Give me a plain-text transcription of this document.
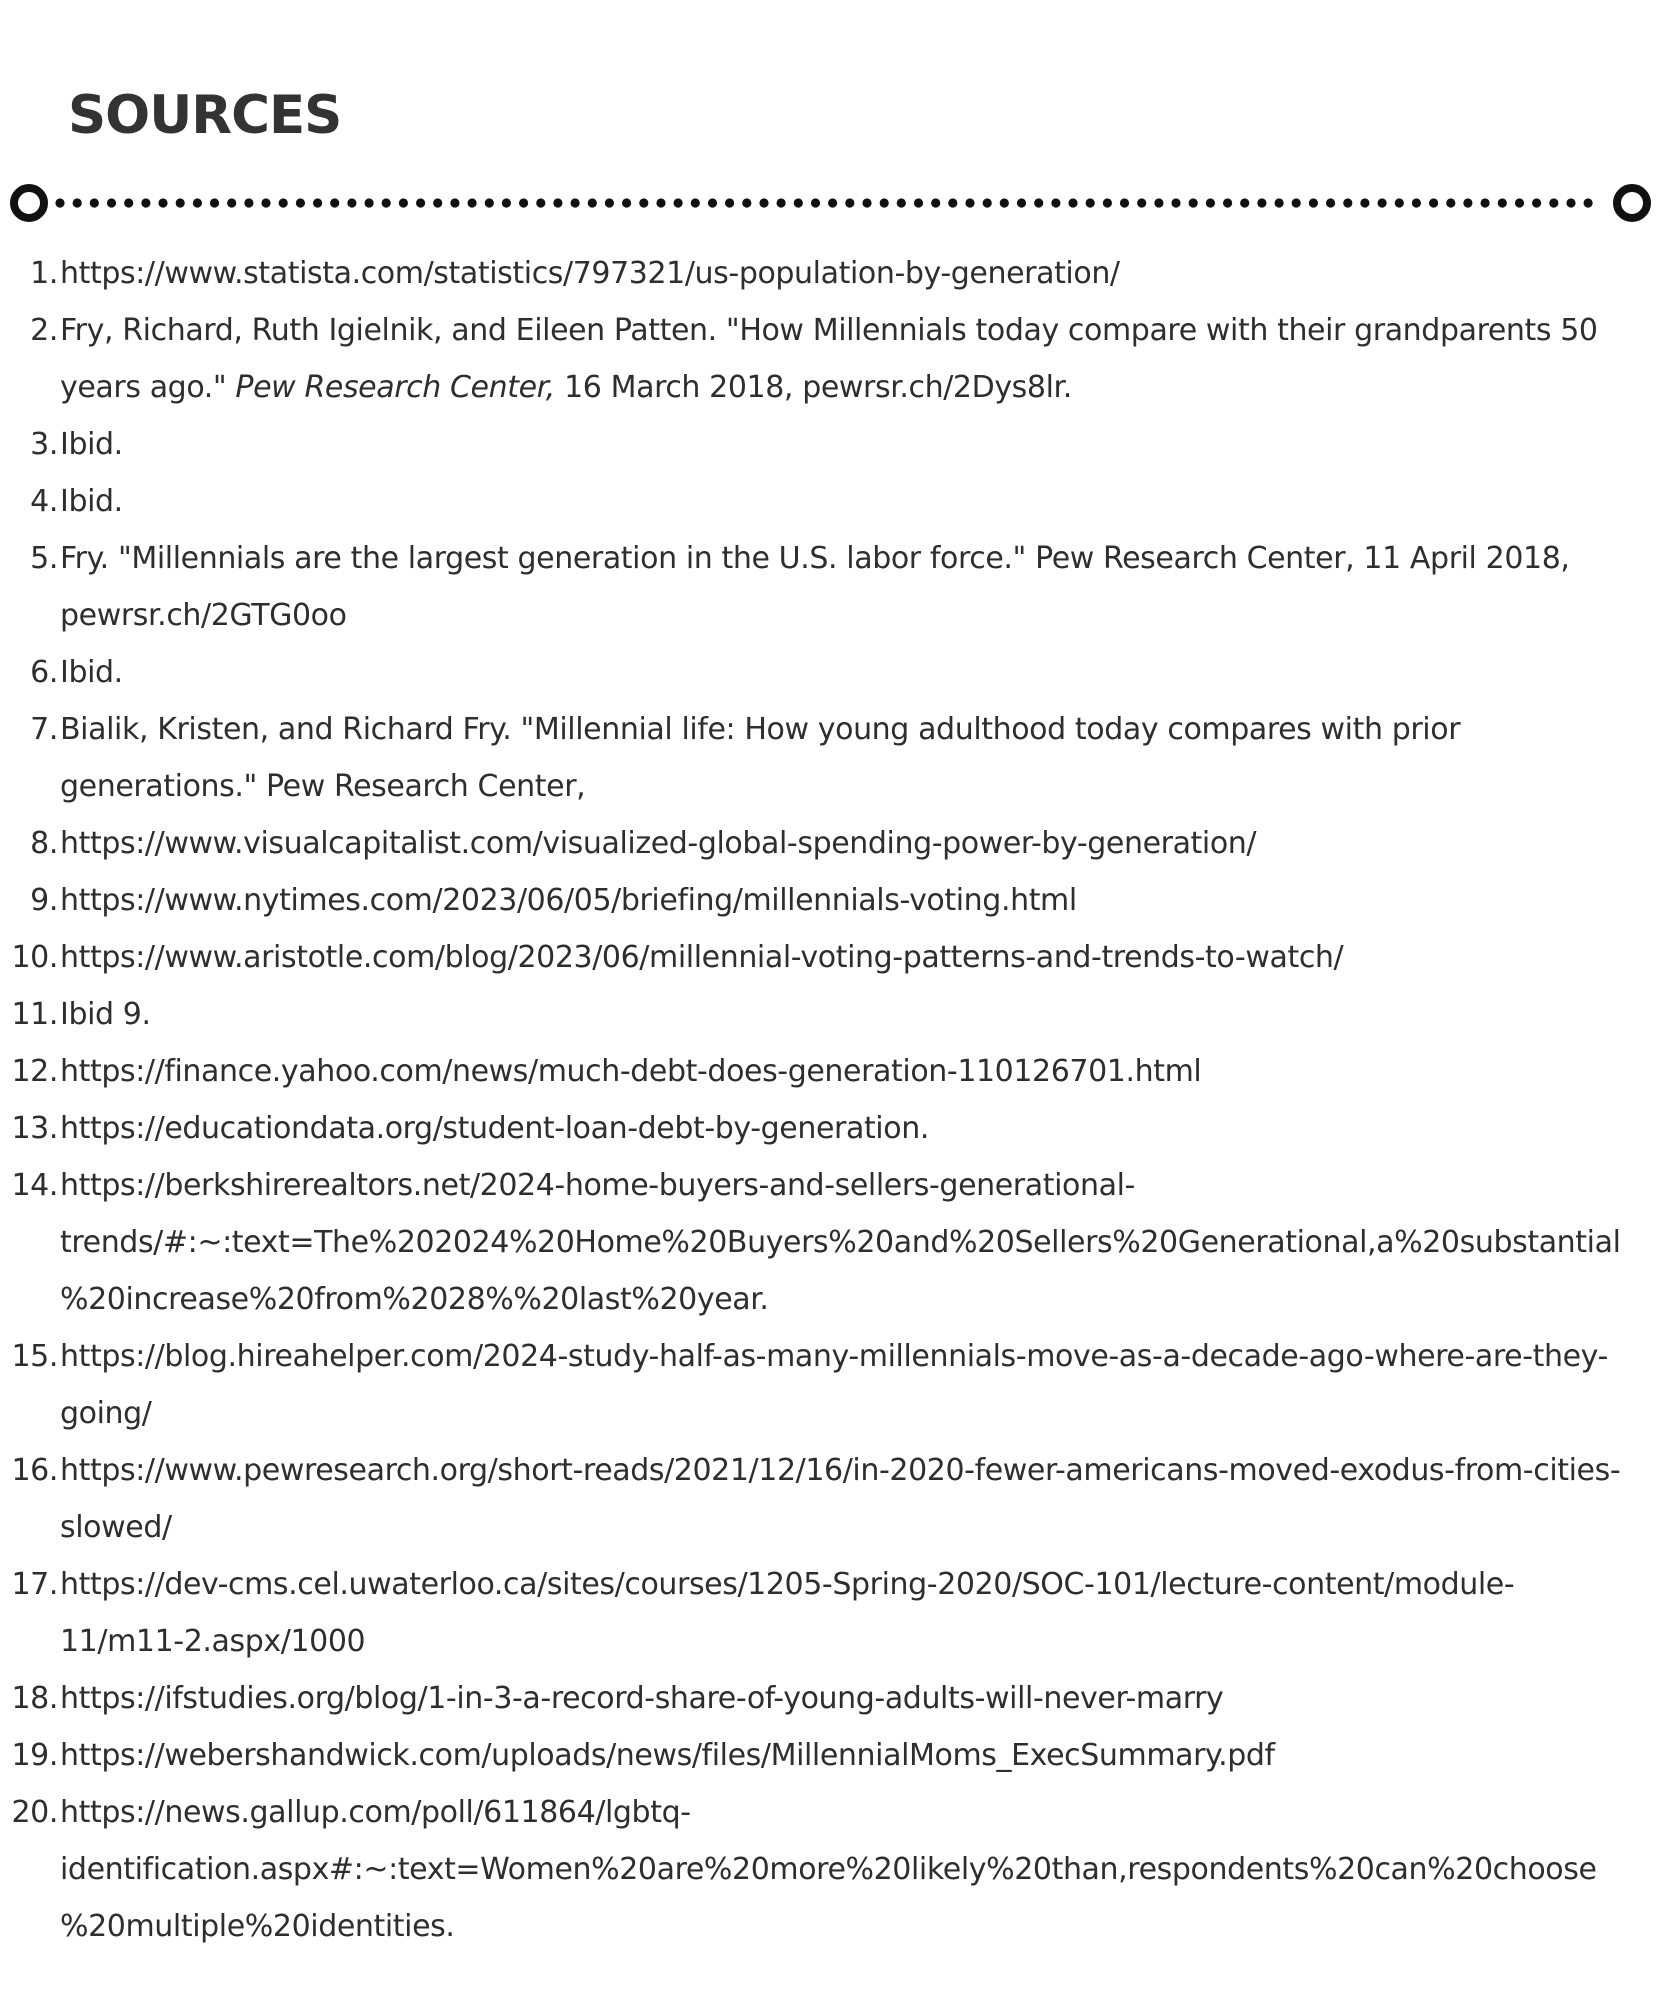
SOURCES
1. https://www.statista.com/statistics/797321/us-population-by-generation/
2. Fry, Richard, Ruth Igielnik, and Eileen Patten. "How Millennials today compare with their grandparents 50 years ago." Pew Research Center, 16 March 2018, pewrsr.ch/2Dys8lr.
3. Ibid.
4. Ibid.
5. Fry. "Millennials are the largest generation in the U.S. labor force." Pew Research Center, 11 April 2018, pewrsr.ch/2GTG0oo
6. Ibid.
7. Bialik, Kristen, and Richard Fry. "Millennial life: How young adulthood today compares with prior generations." Pew Research Center,
8. https://www.visualcapitalist.com/visualized-global-spending-power-by-generation/
9. https://www.nytimes.com/2023/06/05/briefing/millennials-voting.html
10. https://www.aristotle.com/blog/2023/06/millennial-voting-patterns-and-trends-to-watch/
11. Ibid 9.
12. https://finance.yahoo.com/news/much-debt-does-generation-110126701.html
13. https://educationdata.org/student-loan-debt-by-generation.
14. https://berkshirerealtors.net/2024-home-buyers-and-sellers-generational-trends/#:~:text=The%202024%20Home%20Buyers%20and%20Sellers%20Generational,a%20substantial%20increase%20from%2028%%20last%20year.
15. https://blog.hireahelper.com/2024-study-half-as-many-millennials-move-as-a-decade-ago-where-are-they-going/
16. https://www.pewresearch.org/short-reads/2021/12/16/in-2020-fewer-americans-moved-exodus-from-cities-slowed/
17. https://dev-cms.cel.uwaterloo.ca/sites/courses/1205-Spring-2020/SOC-101/lecture-content/module-11/m11-2.aspx/1000
18. https://ifstudies.org/blog/1-in-3-a-record-share-of-young-adults-will-never-marry
19. https://webershandwick.com/uploads/news/files/MillennialMoms_ExecSummary.pdf
20. https://news.gallup.com/poll/611864/lgbtq-identification.aspx#:~:text=Women%20are%20more%20likely%20than,respondents%20can%20choose%20multiple%20identities.
